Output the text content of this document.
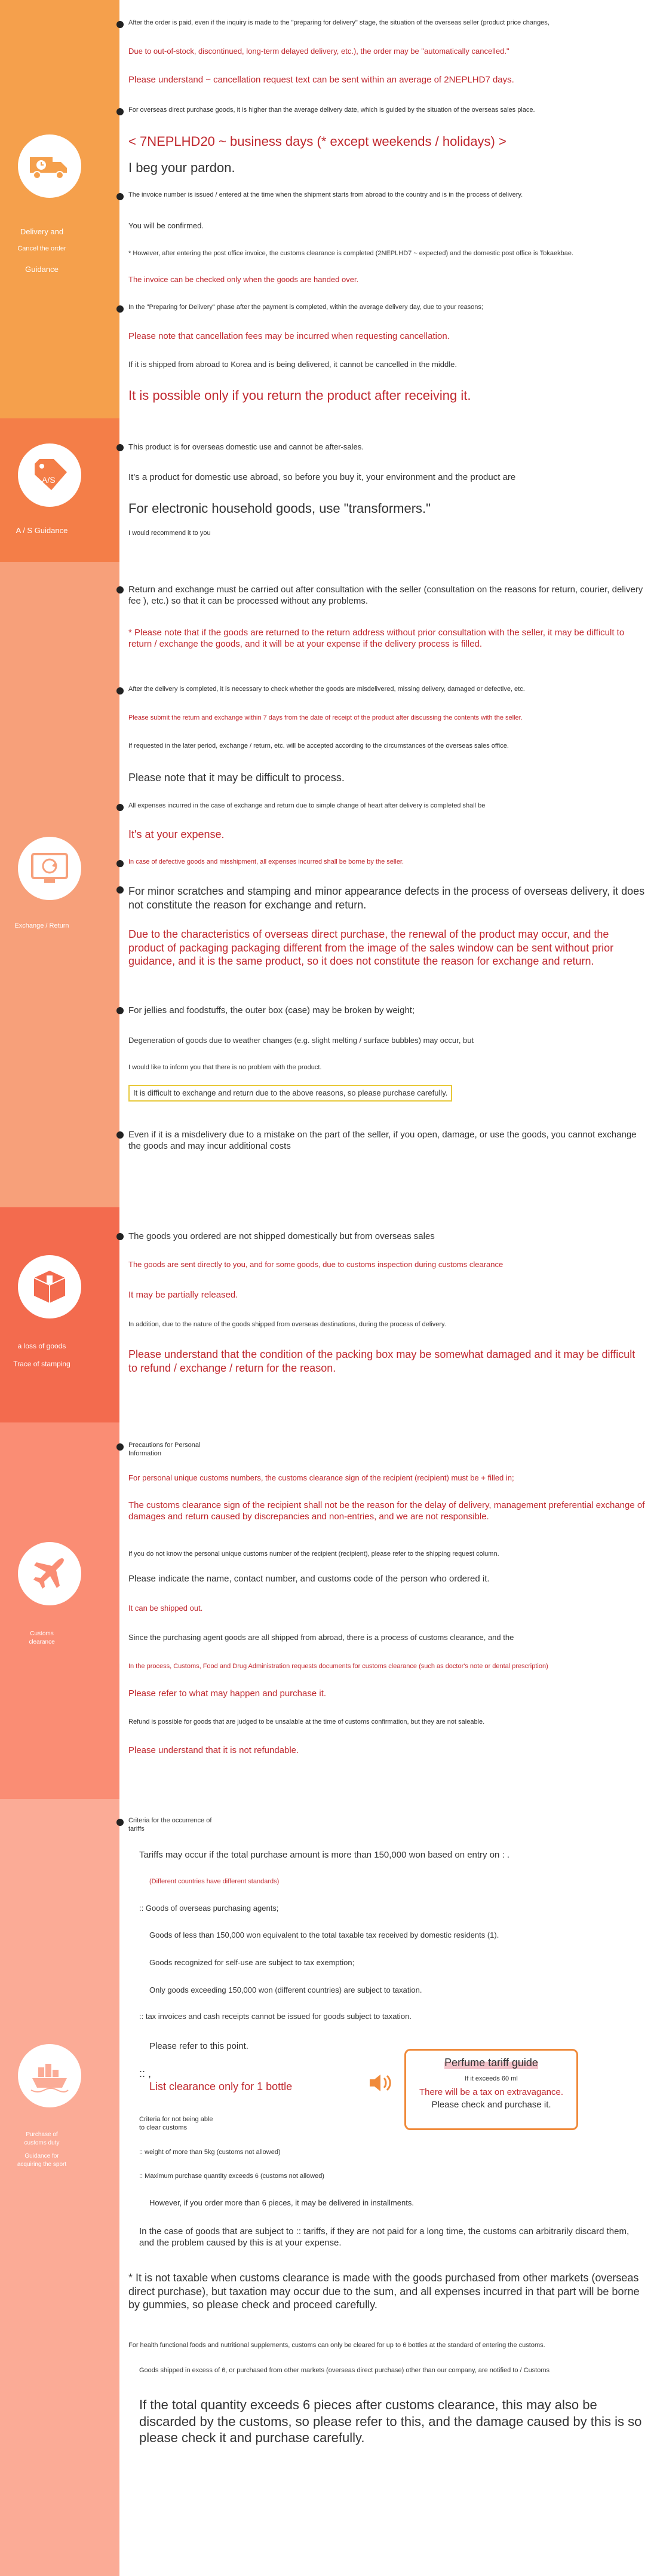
Delivery and
Cancel the order
Guidance

After the order is paid, even if the inquiry is made to the "preparing for delivery" stage, the situation of the overseas seller (product price changes,

Due to out-of-stock, discontinued, long-term delayed delivery, etc.), the order may be "automatically cancelled."

Please understand ~ cancellation request text can be sent within an average of 2NEPLHD7 days.

For overseas direct purchase goods, it is higher than the average delivery date, which is guided by the situation of the overseas sales place.

< 7NEPLHD20 ~ business days (* except weekends / holidays) >

I beg your pardon.

The invoice number is issued / entered at the time when the shipment starts from abroad to the country and is in the process of delivery.

You will be confirmed.

* However, after entering the post office invoice, the customs clearance is completed (2NEPLHD7 ~ expected) and the domestic post office is Tokaekbae.

The invoice can be checked only when the goods are handed over.

In the "Preparing for Delivery" phase after the payment is completed, within the average delivery day, due to your reasons;

Please note that cancellation fees may be incurred when requesting cancellation.

If it is shipped from abroad to Korea and is being delivered, it cannot be cancelled in the middle.

It is possible only if you return the product after receiving it.

A/S
A / S Guidance

This product is for overseas domestic use and cannot be after-sales.

It's a product for domestic use abroad, so before you buy it, your environment and the product are

For electronic household goods, use "transformers."

I would recommend it to you

Exchange / Return

Return and exchange must be carried out after consultation with the seller (consultation on the reasons for return, courier, delivery fee ), etc.) so that it can be processed without any problems.

* Please note that if the goods are returned to the return address without prior consultation with the seller, it may be difficult to return / exchange the goods, and it will be at your expense if the delivery process is filled.

After the delivery is completed, it is necessary to check whether the goods are misdelivered, missing delivery, damaged or defective, etc.

Please submit the return and exchange within 7 days from the date of receipt of the product after discussing the contents with the seller.

If requested in the later period, exchange / return, etc. will be accepted according to the circumstances of the overseas sales office.

Please note that it may be difficult to process.

All expenses incurred in the case of exchange and return due to simple change of heart after delivery is completed shall be

It's at your expense.

In case of defective goods and misshipment, all expenses incurred shall be borne by the seller.

For minor scratches and stamping and minor appearance defects in the process of overseas delivery, it does not constitute the reason for exchange and return.

Due to the characteristics of overseas direct purchase, the renewal of the product may occur, and the product of packaging packaging different from the image of the sales window can be sent without prior guidance, and it is the same product, so it does not constitute the reason for exchange and return.

For jellies and foodstuffs, the outer box (case) may be broken by weight;

Degeneration of goods due to weather changes (e.g. slight melting / surface bubbles) may occur, but

I would like to inform you that there is no problem with the product.

It is difficult to exchange and return due to the above reasons, so please purchase carefully.

Even if it is a misdelivery due to a mistake on the part of the seller, if you open, damage, or use the goods, you cannot exchange the goods and may incur additional costs

a loss of goods
Trace of stamping

The goods you ordered are not shipped domestically but from overseas sales

The goods are sent directly to you, and for some goods, due to customs inspection during customs clearance

It may be partially released.

In addition, due to the nature of the goods shipped from overseas destinations, during the process of delivery.

Please understand that the condition of the packing box may be somewhat damaged and it may be difficult to refund / exchange / return for the reason.

Customs
clearance

Precautions for Personal Information

For personal unique customs numbers, the customs clearance sign of the recipient (recipient) must be + filled in;

The customs clearance sign of the recipient shall not be the reason for the delay of delivery, management preferential exchange of damages and return caused by discrepancies and non-entries, and we are not responsible.

If you do not know the personal unique customs number of the recipient (recipient), please refer to the shipping request column.

Please indicate the name, contact number, and customs code of the person who ordered it.

It can be shipped out.

Since the purchasing agent goods are all shipped from abroad, there is a process of customs clearance, and the

In the process, Customs, Food and Drug Administration requests documents for customs clearance (such as doctor's note or dental prescription)

Please refer to what may happen and purchase it.

Refund is possible for goods that are judged to be unsalable at the time of customs confirmation, but they are not saleable.

Please understand that it is not refundable.

Purchase of
customs duty
Guidance for
acquiring the sport

Criteria for the occurrence of tariffs

Tariffs may occur if the total purchase amount is more than 150,000 won based on entry on : .

(Different countries have different standards)

:: Goods of overseas purchasing agents;

Goods of less than 150,000 won equivalent to the total taxable tax received by domestic residents (1).

Goods recognized for self-use are subject to tax exemption;

Only goods exceeding 150,000 won (different countries) are subject to taxation.

:: tax invoices and cash receipts cannot be issued for goods subject to taxation.

Please refer to this point.

:: ,

List clearance only for 1 bottle

Perfume tariff guide
If it exceeds 60 ml
There will be a tax on extravagance.
Please check and purchase it.

Criteria for not being able to clear customs

:: weight of more than 5kg (customs not allowed)

:: Maximum purchase quantity exceeds 6 (customs not allowed)

However, if you order more than 6 pieces, it may be delivered in installments.

In the case of goods that are subject to :: tariffs, if they are not paid for a long time, the customs can arbitrarily discard them, and the problem caused by this is at your expense.

* It is not taxable when customs clearance is made with the goods purchased from other markets (overseas direct purchase), but taxation may occur due to the sum, and all expenses incurred in that part will be borne by gummies, so please check and proceed carefully.

For health functional foods and nutritional supplements, customs can only be cleared for up to 6 bottles at the standard of entering the customs.

Goods shipped in excess of 6, or purchased from other markets (overseas direct purchase) other than our company, are notified to / Customs

If the total quantity exceeds 6 pieces after customs clearance, this may also be discarded by the customs, so please refer to this, and the damage caused by this is so please check it and purchase carefully.
